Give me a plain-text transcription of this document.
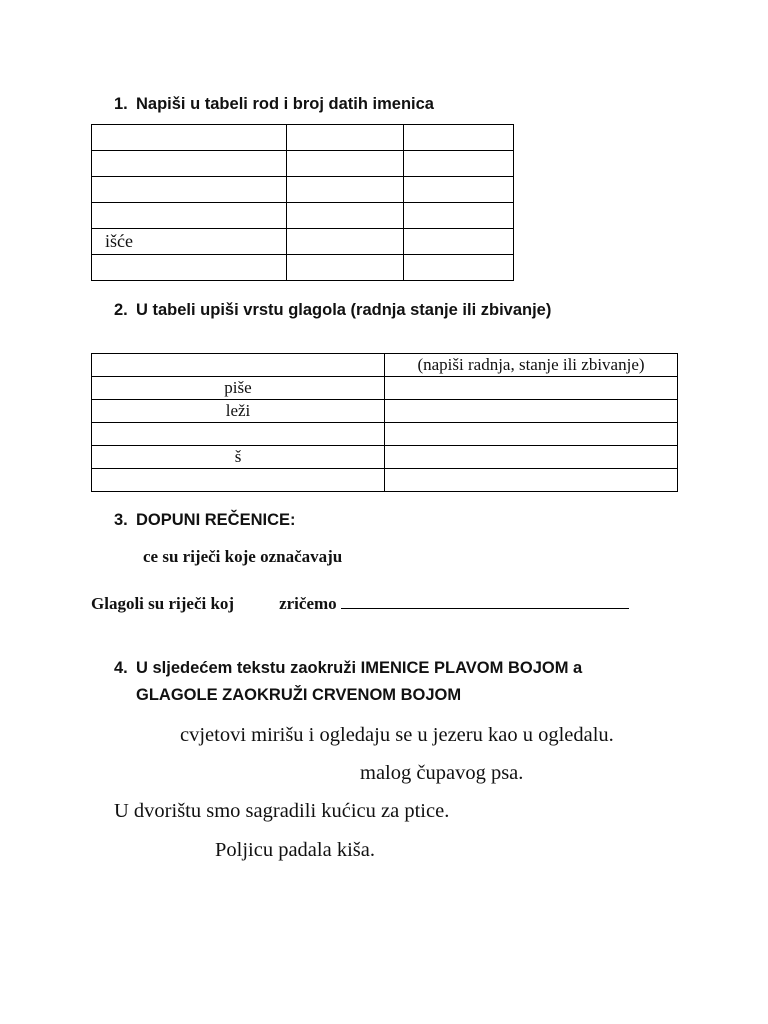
1. Napiši u tabeli rod i broj datih imenica

išće		

2. U tabeli upiši vrstu glagola (radnja stanje ili zbivanje)
	(napiši radnja, stanje ili zbivanje)
piše	
leži	

š	

3. DOPUNI REČENICE:
ce su riječi koje označavaju
Glagoli su riječi koj	zričemo
4. U sljedećem tekstu zaokruži IMENICE PLAVOM BOJOM a
GLAGOLE ZAOKRUŽI CRVENOM BOJOM
cvjetovi mirišu i ogledaju se u jezeru kao u ogledalu.
malog čupavog psa.
U dvorištu smo sagradili kućicu za ptice.
Poljicu padala kiša.
